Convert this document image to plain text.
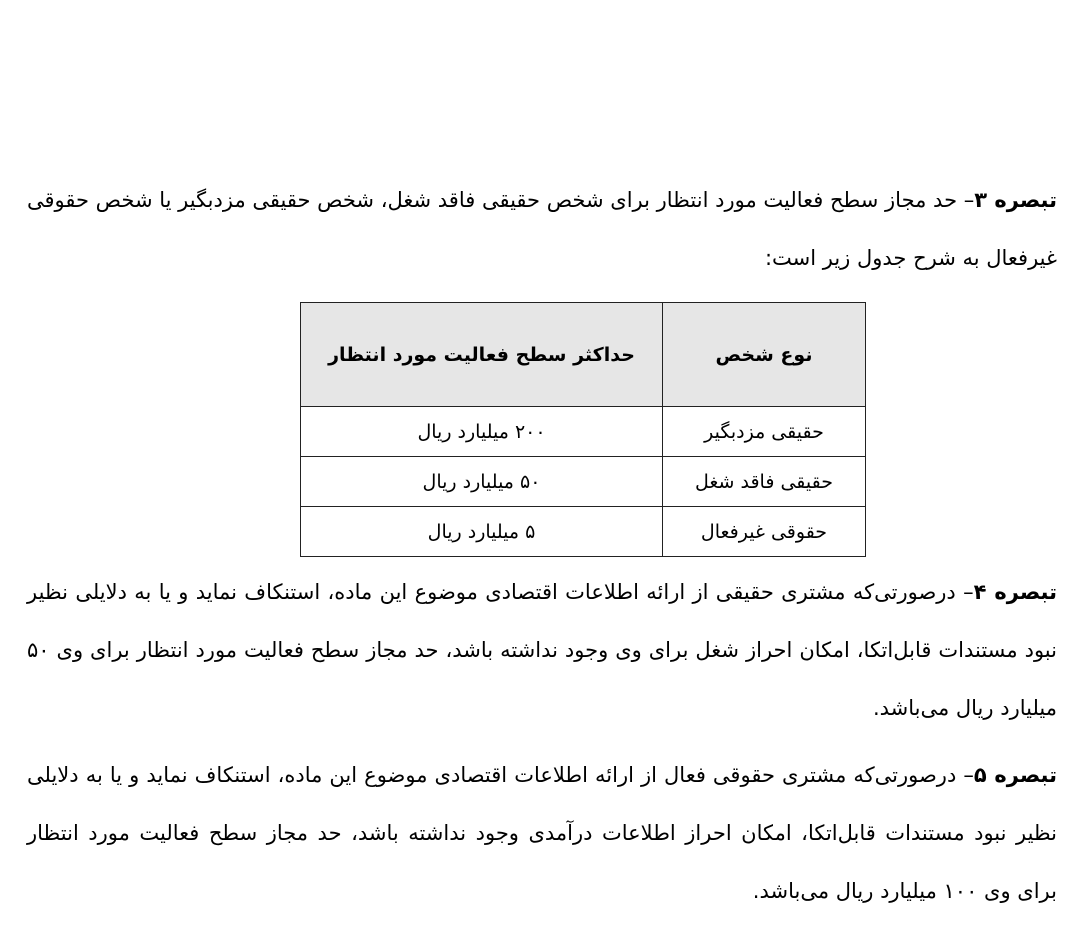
تبصره ۳– حد مجاز سطح فعالیت مورد انتظار برای شخص حقیقی فاقد شغل، شخص حقیقی مزدبگیر یا شخص حقوقی غیرفعال به شرح جدول زیر است:

نوع شخص	حداکثر سطح فعالیت مورد انتظار
حقیقی مزدبگیر	۲۰۰ میلیارد ریال
حقیقی فاقد شغل	۵۰ میلیارد ریال
حقوقی غیرفعال	۵ میلیارد ریال

تبصره ۴– درصورتی‌که مشتری حقیقی از ارائه اطلاعات اقتصادی موضوع این ماده، استنکاف نماید و یا به دلایلی نظیر نبود مستندات قابل‌اتکا، امکان احراز شغل برای وی وجود نداشته باشد، حد مجاز سطح فعالیت مورد انتظار برای وی ۵۰ میلیارد ریال می‌باشد.

تبصره ۵– درصورتی‌که مشتری حقوقی فعال از ارائه اطلاعات اقتصادی موضوع این ماده، استنکاف نماید و یا به دلایلی نظیر نبود مستندات قابل‌اتکا، امکان احراز اطلاعات درآمدی وجود نداشته باشد، حد مجاز سطح فعالیت مورد انتظار برای وی ۱۰۰ میلیارد ریال می‌باشد.
